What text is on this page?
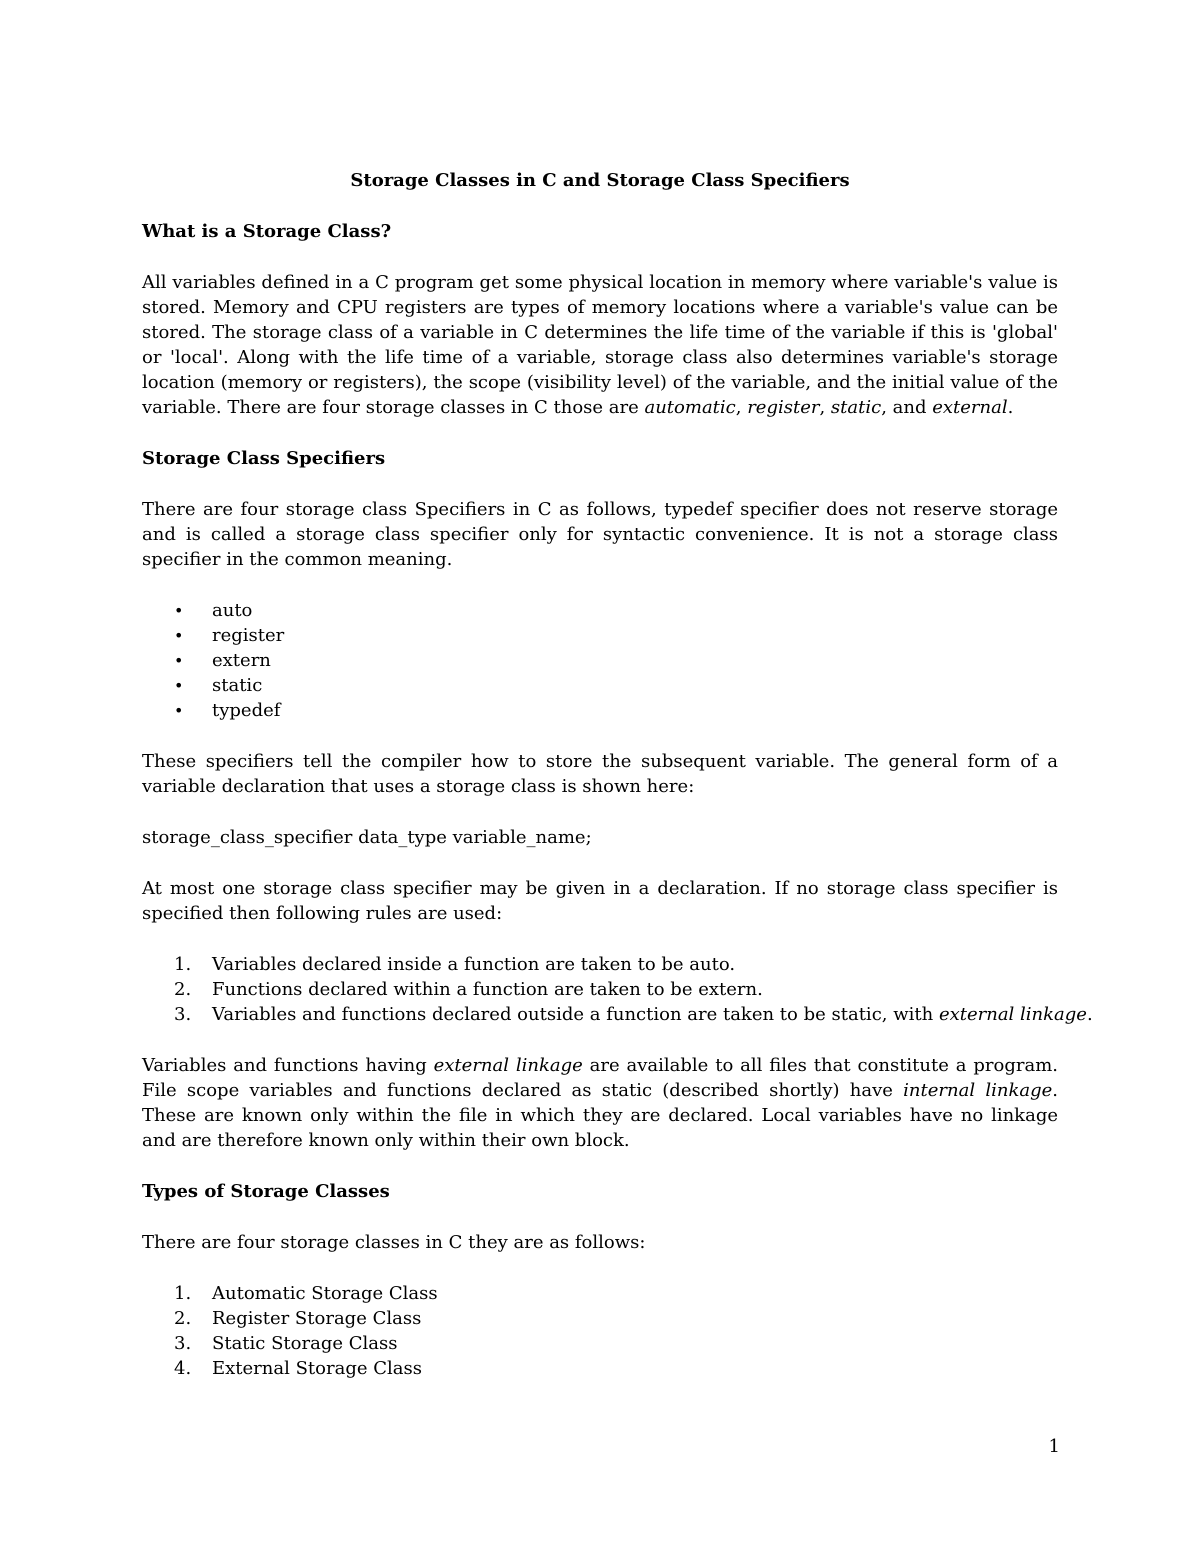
Storage Classes in C and Storage Class Specifiers
What is a Storage Class?

All variables defined in a C program get some physical location in memory where variable's value is stored. Memory and CPU registers are types of memory locations where a variable's value can be stored. The storage class of a variable in C determines the life time of the variable if this is 'global' or 'local'. Along with the life time of a variable, storage class also determines variable's storage location (memory or registers), the scope (visibility level) of the variable, and the initial value of the variable. There are four storage classes in C those are automatic, register, static, and external.

Storage Class Specifiers

There are four storage class Specifiers in C as follows, typedef specifier does not reserve storage and is called a storage class specifier only for syntactic convenience. It is not a storage class specifier in the common meaning.

• auto
• register
• extern
• static
• typedef

These specifiers tell the compiler how to store the subsequent variable. The general form of a variable declaration that uses a storage class is shown here:

storage_class_specifier data_type variable_name;

At most one storage class specifier may be given in a declaration. If no storage class specifier is specified then following rules are used:

1. Variables declared inside a function are taken to be auto.
2. Functions declared within a function are taken to be extern.
3. Variables and functions declared outside a function are taken to be static, with external linkage.

Variables and functions having external linkage are available to all files that constitute a program. File scope variables and functions declared as static (described shortly) have internal linkage. These are known only within the file in which they are declared. Local variables have no linkage and are therefore known only within their own block.

Types of Storage Classes

There are four storage classes in C they are as follows:

1. Automatic Storage Class
2. Register Storage Class
3. Static Storage Class
4. External Storage Class
1
